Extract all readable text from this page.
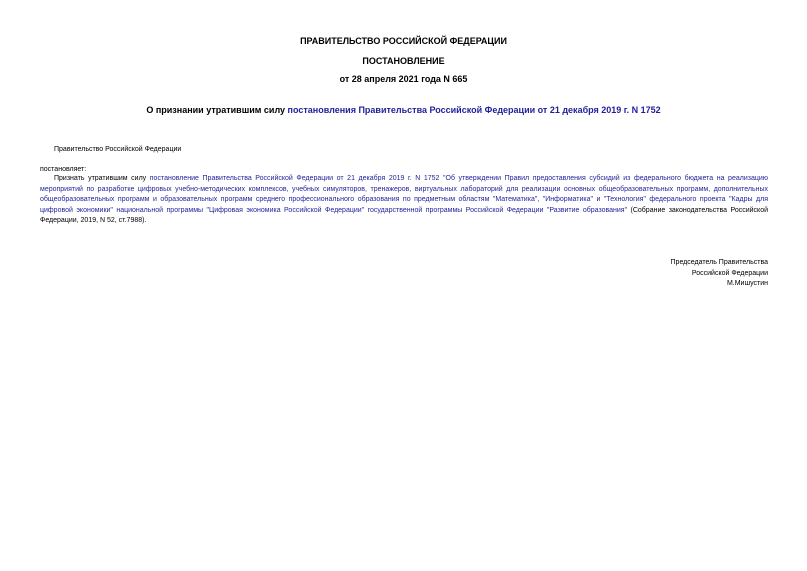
ПРАВИТЕЛЬСТВО РОССИЙСКОЙ ФЕДЕРАЦИИ
ПОСТАНОВЛЕНИЕ
от 28 апреля 2021 года N 665
О признании утратившим силу постановления Правительства Российской Федерации от 21 декабря 2019 г. N 1752
Правительство Российской Федерации
постановляет:
Признать утратившим силу постановление Правительства Российской Федерации от 21 декабря 2019 г. N 1752 "Об утверждении Правил предоставления субсидий из федерального бюджета на реализацию мероприятий по разработке цифровых учебно-методических комплексов, учебных симуляторов, тренажеров, виртуальных лабораторий для реализации основных общеобразовательных программ, дополнительных общеобразовательных программ и образовательных программ среднего профессионального образования по предметным областям "Математика", "Информатика" и "Технология" федерального проекта "Кадры для цифровой экономики" национальной программы "Цифровая экономика Российской Федерации" государственной программы Российской Федерации "Развитие образования" (Собрание законодательства Российской Федерации, 2019, N 52, ст.7988).
Председатель Правительства
Российской Федерации
М.Мишустин
